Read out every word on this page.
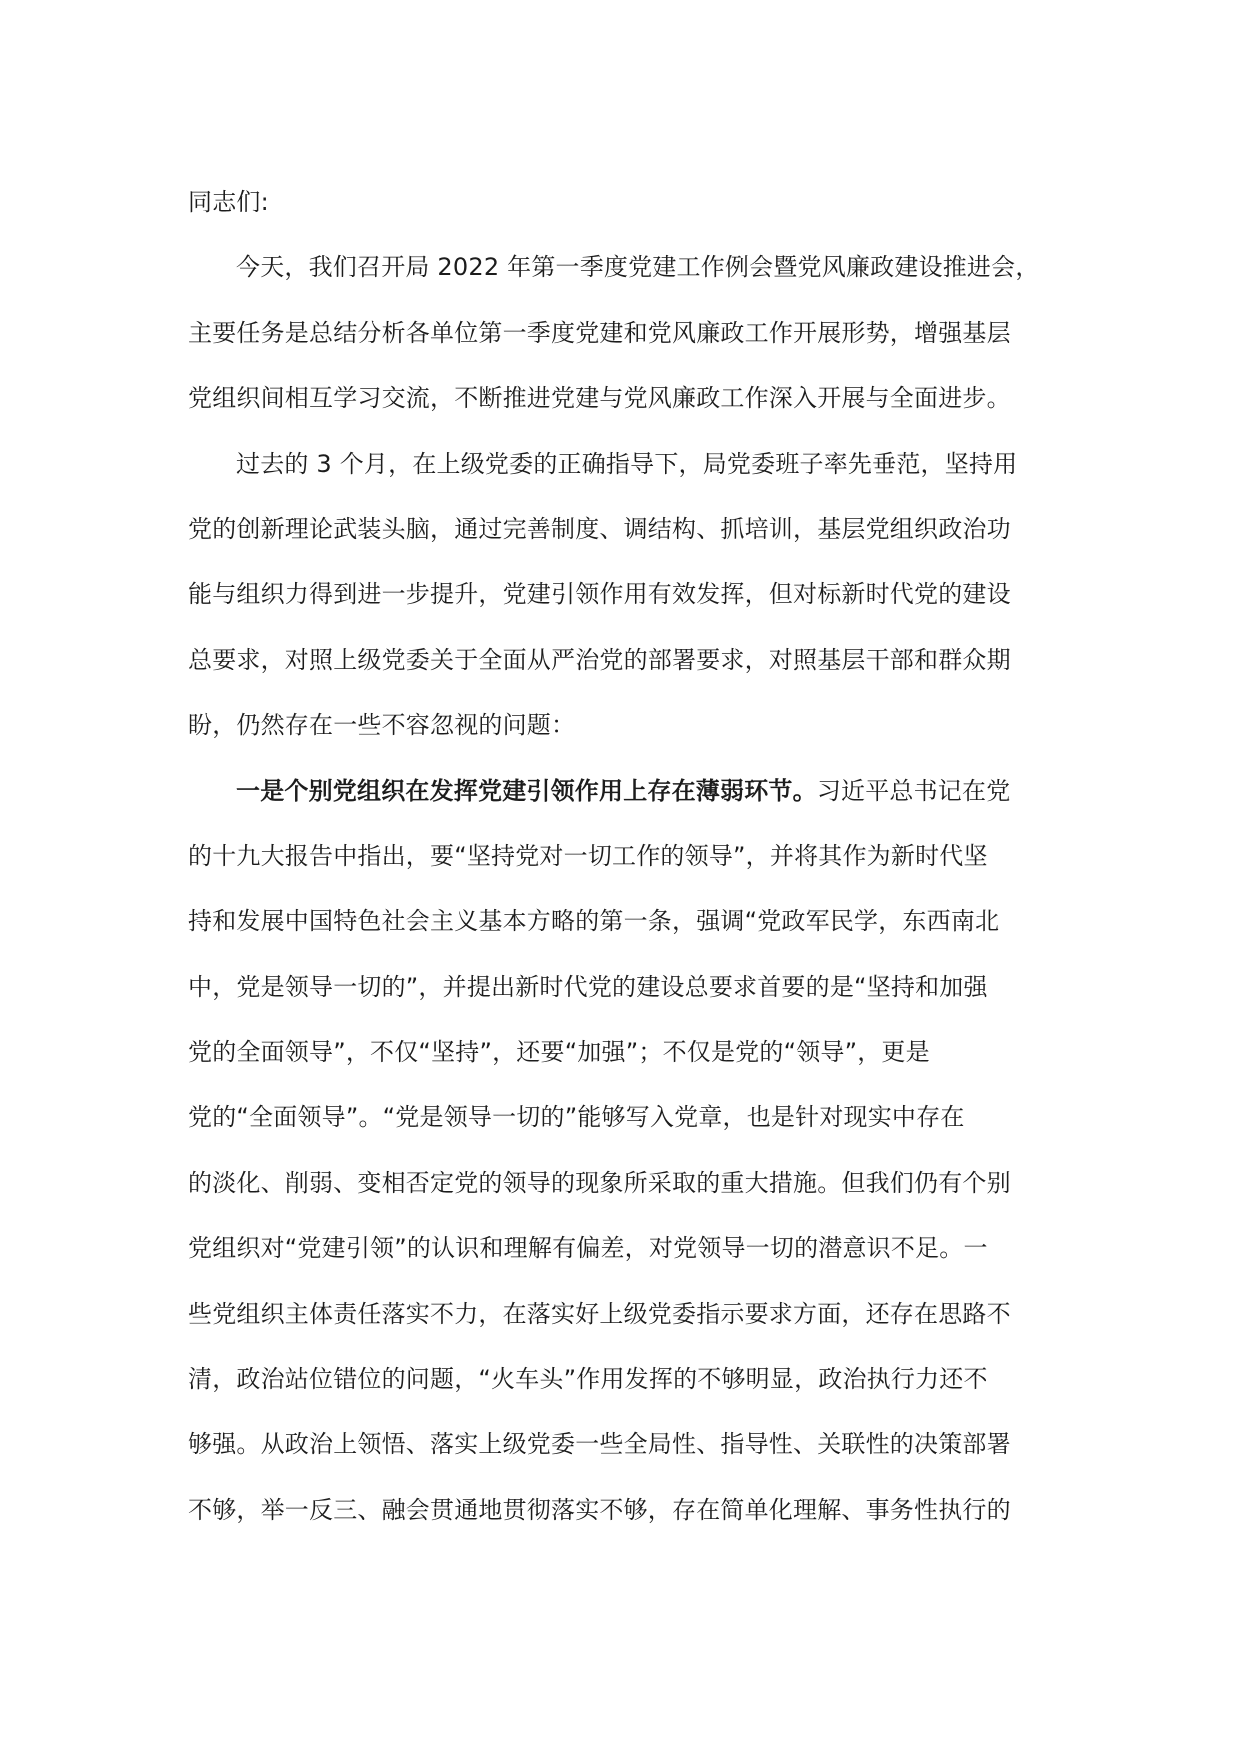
同志们:
今天，我们召开局 2022 年第一季度党建工作例会暨党风廉政建设推进会，
主要任务是总结分析各单位第一季度党建和党风廉政工作开展形势，增强基层
党组织间相互学习交流，不断推进党建与党风廉政工作深入开展与全面进步。
过去的 3 个月，在上级党委的正确指导下，局党委班子率先垂范，坚持用
党的创新理论武装头脑，通过完善制度、调结构、抓培训，基层党组织政治功
能与组织力得到进一步提升，党建引领作用有效发挥，但对标新时代党的建设
总要求，对照上级党委关于全面从严治党的部署要求，对照基层干部和群众期
盼，仍然存在一些不容忽视的问题：
一是个别党组织在发挥党建引领作用上存在薄弱环节。习近平总书记在党
的十九大报告中指出，要“坚持党对一切工作的领导”，并将其作为新时代坚
持和发展中国特色社会主义基本方略的第一条，强调“党政军民学，东西南北
中，党是领导一切的”，并提出新时代党的建设总要求首要的是“坚持和加强
党的全面领导”，不仅“坚持”，还要“加强”；不仅是党的“领导”，更是
党的“全面领导”。“党是领导一切的”能够写入党章，也是针对现实中存在
的淡化、削弱、变相否定党的领导的现象所采取的重大措施。但我们仍有个别
党组织对“党建引领”的认识和理解有偏差，对党领导一切的潜意识不足。一
些党组织主体责任落实不力，在落实好上级党委指示要求方面，还存在思路不
清，政治站位错位的问题，“火车头”作用发挥的不够明显，政治执行力还不
够强。从政治上领悟、落实上级党委一些全局性、指导性、关联性的决策部署
不够，举一反三、融会贯通地贯彻落实不够，存在简单化理解、事务性执行的
